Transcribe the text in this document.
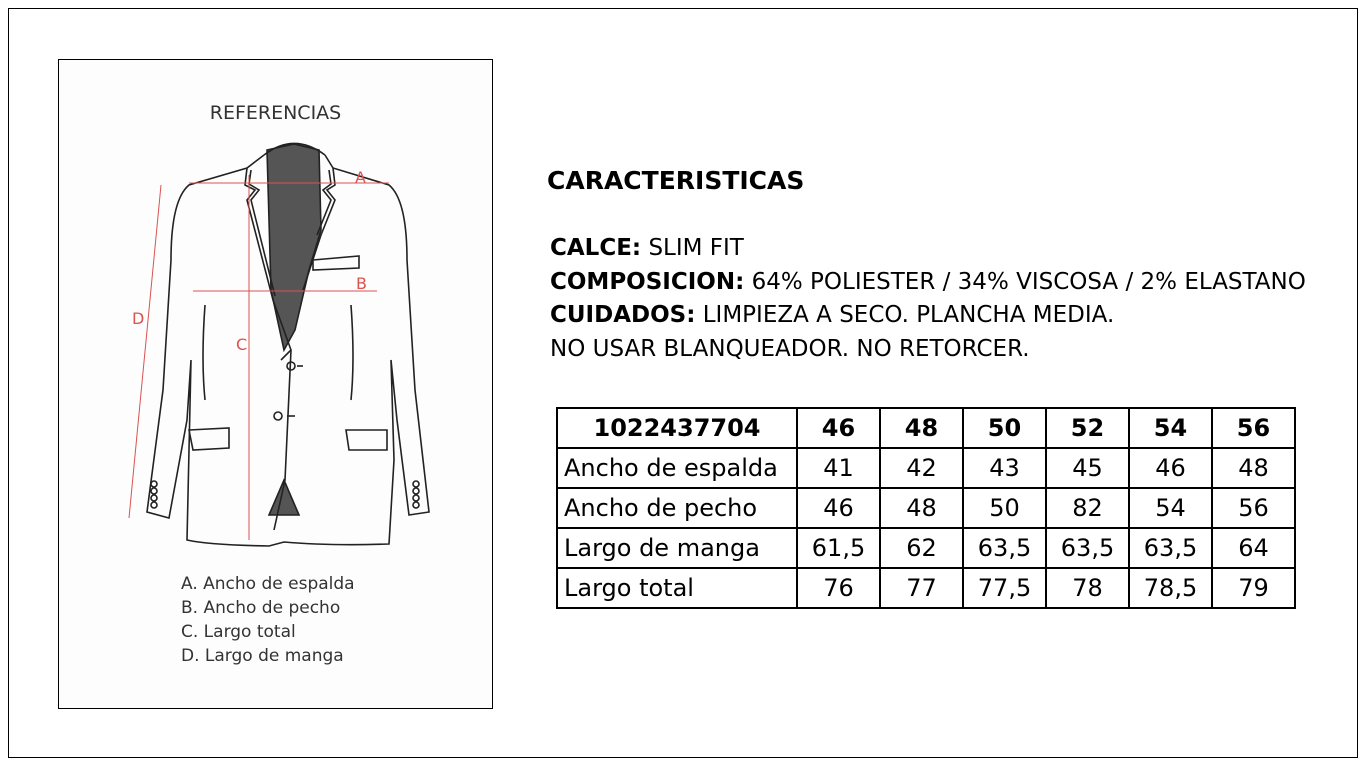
REFERENCIAS
A
B
C
D
A. Ancho de espalda
B. Ancho de pecho
C. Largo total
D. Largo de manga
CARACTERISTICAS

CALCE: SLIM FIT

COMPOSICION: 64% POLIESTER / 34% VISCOSA / 2% ELASTANO

CUIDADOS: LIMPIEZA A SECO. PLANCHA MEDIA.

NO USAR BLANQUEADOR. NO RETORCER.

1022437704	46	48	50	52	54	56
Ancho de espalda	41	42	43	45	46	48
Ancho de pecho	46	48	50	82	54	56
Largo de manga	61,5	62	63,5	63,5	63,5	64
Largo total	76	77	77,5	78	78,5	79
